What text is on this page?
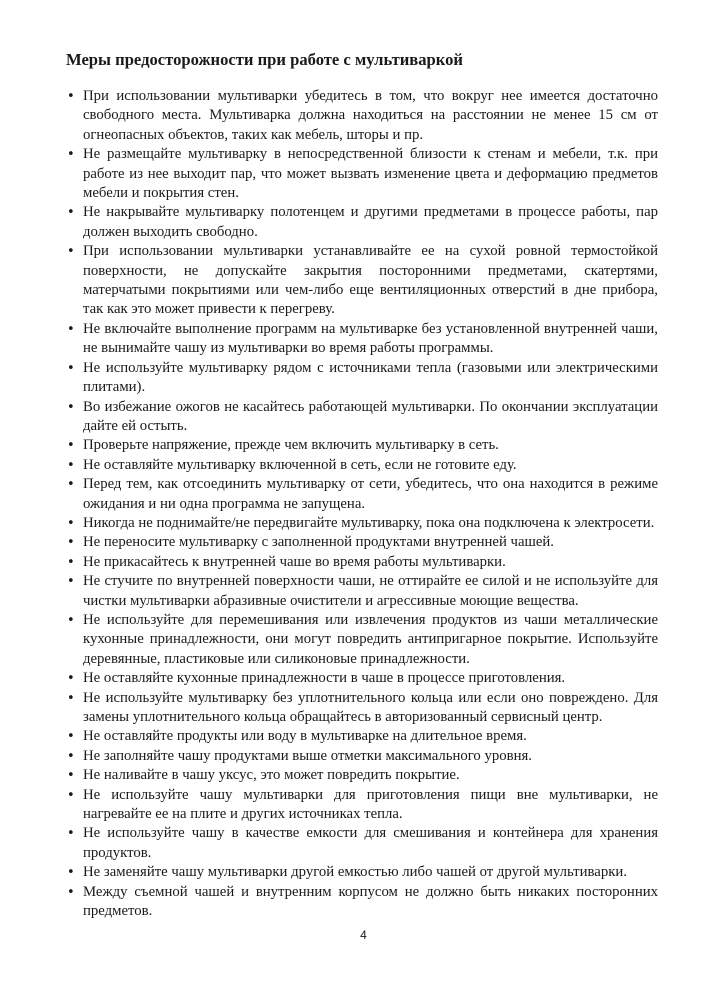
Меры предосторожности при работе с мультиваркой
• При использовании мультиварки убедитесь в том, что вокруг нее имеется достаточно свободного места. Мультиварка должна находиться на расстоянии не менее 15 см от огнеопасных объектов, таких как мебель, шторы и пр.
• Не размещайте мультиварку в непосредственной близости к стенам и мебели, т.к. при работе из нее выходит пар, что может вызвать изменение цвета и деформацию предметов мебели и покрытия стен.
• Не накрывайте мультиварку полотенцем и другими предметами в процессе работы, пар должен выходить свободно.
• При использовании мультиварки устанавливайте ее на сухой ровной термостойкой поверхности, не допускайте закрытия посторонними предметами, скатертями, матерчатыми покрытиями или чем-либо еще вентиляционных отверстий в дне прибора, так как это может привести к перегреву.
• Не включайте выполнение программ на мультиварке без установленной внутренней чаши, не вынимайте чашу из мультиварки во время работы программы.
• Не используйте мультиварку рядом с источниками тепла (газовыми или электрическими плитами).
• Во избежание ожогов не касайтесь работающей мультиварки. По окончании эксплуатации дайте ей остыть.
• Проверьте напряжение, прежде чем включить мультиварку в сеть.
• Не оставляйте мультиварку включенной в сеть, если не готовите еду.
• Перед тем, как отсоединить мультиварку от сети, убедитесь, что она находится в режиме ожидания и ни одна программа не запущена.
• Никогда не поднимайте/не передвигайте мультиварку, пока она подключена к электросети.
• Не переносите мультиварку с заполненной продуктами внутренней чашей.
• Не прикасайтесь к внутренней чаше во время работы мультиварки.
• Не стучите по внутренней поверхности чаши, не оттирайте ее силой и не используйте для чистки мультиварки абразивные очистители и агрессивные моющие вещества.
• Не используйте для перемешивания или извлечения продуктов из чаши металлические кухонные принадлежности, они могут повредить антипригарное покрытие. Используйте деревянные, пластиковые или силиконовые принадлежности.
• Не оставляйте кухонные принадлежности в чаше в процессе приготовления.
• Не используйте мультиварку без уплотнительного кольца или если оно повреждено. Для замены уплотнительного кольца обращайтесь в авторизованный сервисный центр.
• Не оставляйте продукты или воду в мультиварке на длительное время.
• Не заполняйте чашу продуктами выше отметки максимального уровня.
• Не наливайте в чашу уксус, это может повредить покрытие.
• Не используйте чашу мультиварки для приготовления пищи вне мультиварки, не нагревайте ее на плите и других источниках тепла.
• Не используйте чашу в качестве емкости для смешивания и контейнера для хранения продуктов.
• Не заменяйте чашу мультиварки другой емкостью либо чашей от другой мультиварки.
• Между съемной чашей и внутренним корпусом не должно быть никаких посторонних предметов.

4
